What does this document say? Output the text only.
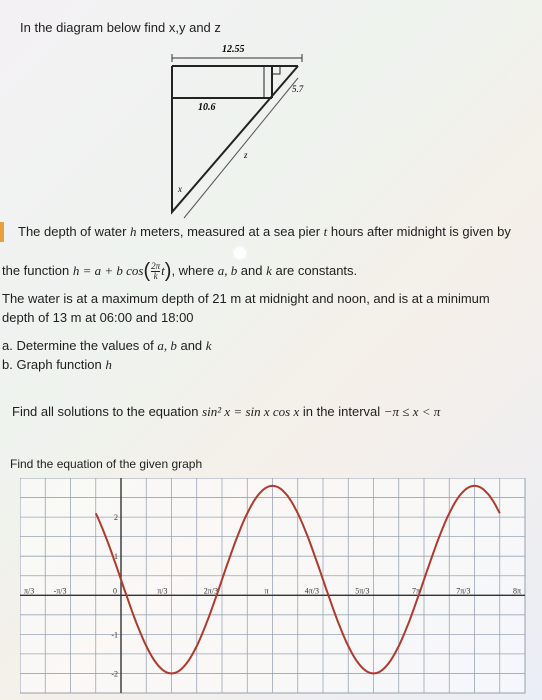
In the diagram below find x,y and z
12.55
10.6
5.7
z
x
The depth of water h meters, measured at a sea pier t hours after midnight is given by
the function h = a + b $\cos( \frac{2\pi}{k}t)$, where a, b and k are constants.
The water is at a maximum depth of 21 m at midnight and noon, and is at a minimum
depth of 13 m at 06:00 and 18:00
a. Determine the values of a, b and k
b. Graph function h
Find all solutions to the equation sin² x = sin x cos x in the interval −π ≤ x < π
Find the equation of the given graph
π/3 -π/3	0	π/3	2π/3	π	4π/3	5π/3	7π	7π/3	8π
2
1
-1
-2
